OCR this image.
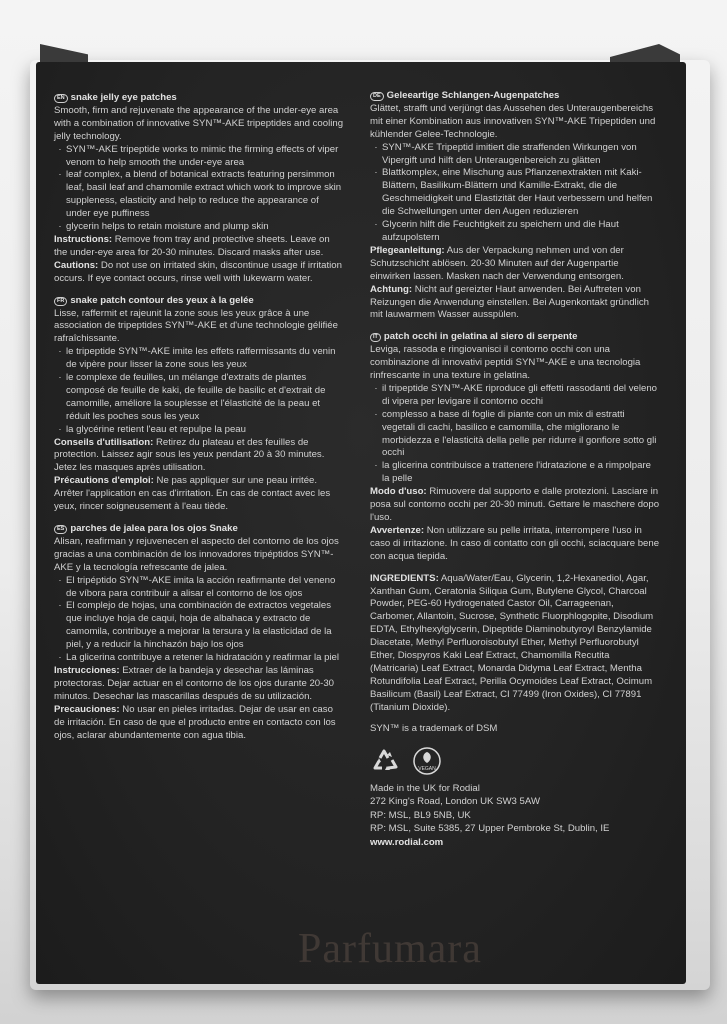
EN snake jelly eye patches

Smooth, firm and rejuvenate the appearance of the under-eye area with a combination of innovative SYN™-AKE tripeptides and cooling jelly technology.

· SYN™-AKE tripeptide works to mimic the firming effects of viper venom to help smooth the under-eye area
· leaf complex, a blend of botanical extracts featuring persimmon leaf, basil leaf and chamomile extract which work to improve skin suppleness, elasticity and help to reduce the appearance of under eye puffiness
· glycerin helps to retain moisture and plump skin

Instructions: Remove from tray and protective sheets. Leave on the under-eye area for 20-30 minutes. Discard masks after use.

Cautions: Do not use on irritated skin, discontinue usage if irritation occurs. If eye contact occurs, rinse well with lukewarm water.

FR snake patch contour des yeux à la gelée

Lisse, raffermit et rajeunit la zone sous les yeux grâce à une association de tripeptides SYN™-AKE et d'une technologie gélifiée rafraîchissante.

· le tripeptide SYN™-AKE imite les effets raffermissants du venin de vipère pour lisser la zone sous les yeux
· le complexe de feuilles, un mélange d'extraits de plantes composé de feuille de kaki, de feuille de basilic et d'extrait de camomille, améliore la souplesse et l'élasticité de la peau et réduit les poches sous les yeux
· la glycérine retient l'eau et repulpe la peau

Conseils d'utilisation: Retirez du plateau et des feuilles de protection. Laissez agir sous les yeux pendant 20 à 30 minutes. Jetez les masques après utilisation.

Précautions d'emploi: Ne pas appliquer sur une peau irritée. Arrêter l'application en cas d'irritation. En cas de contact avec les yeux, rincer soigneusement à l'eau tiède.

ES parches de jalea para los ojos Snake

Alisan, reafirman y rejuvenecen el aspecto del contorno de los ojos gracias a una combinación de los innovadores tripéptidos SYN™-AKE y la tecnología refrescante de jalea.

· El tripéptido SYN™-AKE imita la acción reafirmante del veneno de víbora para contribuir a alisar el contorno de los ojos
· El complejo de hojas, una combinación de extractos vegetales que incluye hoja de caqui, hoja de albahaca y extracto de camomila, contribuye a mejorar la tersura y la elasticidad de la piel, y a reducir la hinchazón bajo los ojos
· La glicerina contribuye a retener la hidratación y reafirmar la piel

Instrucciones: Extraer de la bandeja y desechar las láminas protectoras. Dejar actuar en el contorno de los ojos durante 20-30 minutos. Desechar las mascarillas después de su utilización.

Precauciones: No usar en pieles irritadas. Dejar de usar en caso de irritación. En caso de que el producto entre en contacto con los ojos, aclarar abundantemente con agua tibia.

DE Geleeartige Schlangen-Augenpatches

Glättet, strafft und verjüngt das Aussehen des Unteraugenbereichs mit einer Kombination aus innovativen SYN™-AKE Tripeptiden und kühlender Gelee-Technologie.

· SYN™-AKE Tripeptid imitiert die straffenden Wirkungen von Vipergift und hilft den Unteraugenbereich zu glätten
· Blattkomplex, eine Mischung aus Pflanzenextrakten mit Kaki-Blättern, Basilikum-Blättern und Kamille-Extrakt, die die Geschmeidigkeit und Elastizität der Haut verbessern und helfen die Schwellungen unter den Augen reduzieren
· Glycerin hilft die Feuchtigkeit zu speichern und die Haut aufzupolstern

Pflegeanleitung: Aus der Verpackung nehmen und von der Schutzschicht ablösen. 20-30 Minuten auf der Augenpartie einwirken lassen. Masken nach der Verwendung entsorgen.

Achtung: Nicht auf gereizter Haut anwenden. Bei Auftreten von Reizungen die Anwendung einstellen. Bei Augenkontakt gründlich mit lauwarmem Wasser ausspülen.

IT patch occhi in gelatina al siero di serpente

Leviga, rassoda e ringiovanisci il contorno occhi con una combinazione di innovativi peptidi SYN™-AKE e una tecnologia rinfrescante in una texture in gelatina.

· il tripeptide SYN™-AKE riproduce gli effetti rassodanti del veleno di vipera per levigare il contorno occhi
· complesso a base di foglie di piante con un mix di estratti vegetali di cachi, basilico e camomilla, che migliorano le morbidezza e l'elasticità della pelle per ridurre il gonfiore sotto gli occhi
· la glicerina contribuisce a trattenere l'idratazione e a rimpolpare la pelle

Modo d'uso: Rimuovere dal supporto e dalle protezioni. Lasciare in posa sul contorno occhi per 20-30 minuti. Gettare le maschere dopo l'uso.

Avvertenze: Non utilizzare su pelle irritata, interrompere l'uso in caso di irritazione. In caso di contatto con gli occhi, sciacquare bene con acqua tiepida.

INGREDIENTS: Aqua/Water/Eau, Glycerin, 1,2-Hexanediol, Agar, Xanthan Gum, Ceratonia Siliqua Gum, Butylene Glycol, Charcoal Powder, PEG-60 Hydrogenated Castor Oil, Carrageenan, Carbomer, Allantoin, Sucrose, Synthetic Fluorphlogopite, Disodium EDTA, Ethylhexylglycerin, Dipeptide Diaminobutyroyl Benzylamide Diacetate, Methyl Perfluoroisobutyl Ether, Methyl Perfluorobutyl Ether, Diospyros Kaki Leaf Extract, Chamomilla Recutita (Matricaria) Leaf Extract, Monarda Didyma Leaf Extract, Mentha Rotundifolia Leaf Extract, Perilla Ocymoides Leaf Extract, Ocimum Basilicum (Basil) Leaf Extract, CI 77499 (Iron Oxides), CI 77891 (Titanium Dioxide).

SYN™ is a trademark of DSM

VEGAN
Made in the UK for Rodial
272 King's Road, London UK SW3 5AW
RP: MSL, BL9 5NB, UK
RP: MSL, Suite 5385, 27 Upper Pembroke St, Dublin, IE
www.rodial.com
Parfumara
